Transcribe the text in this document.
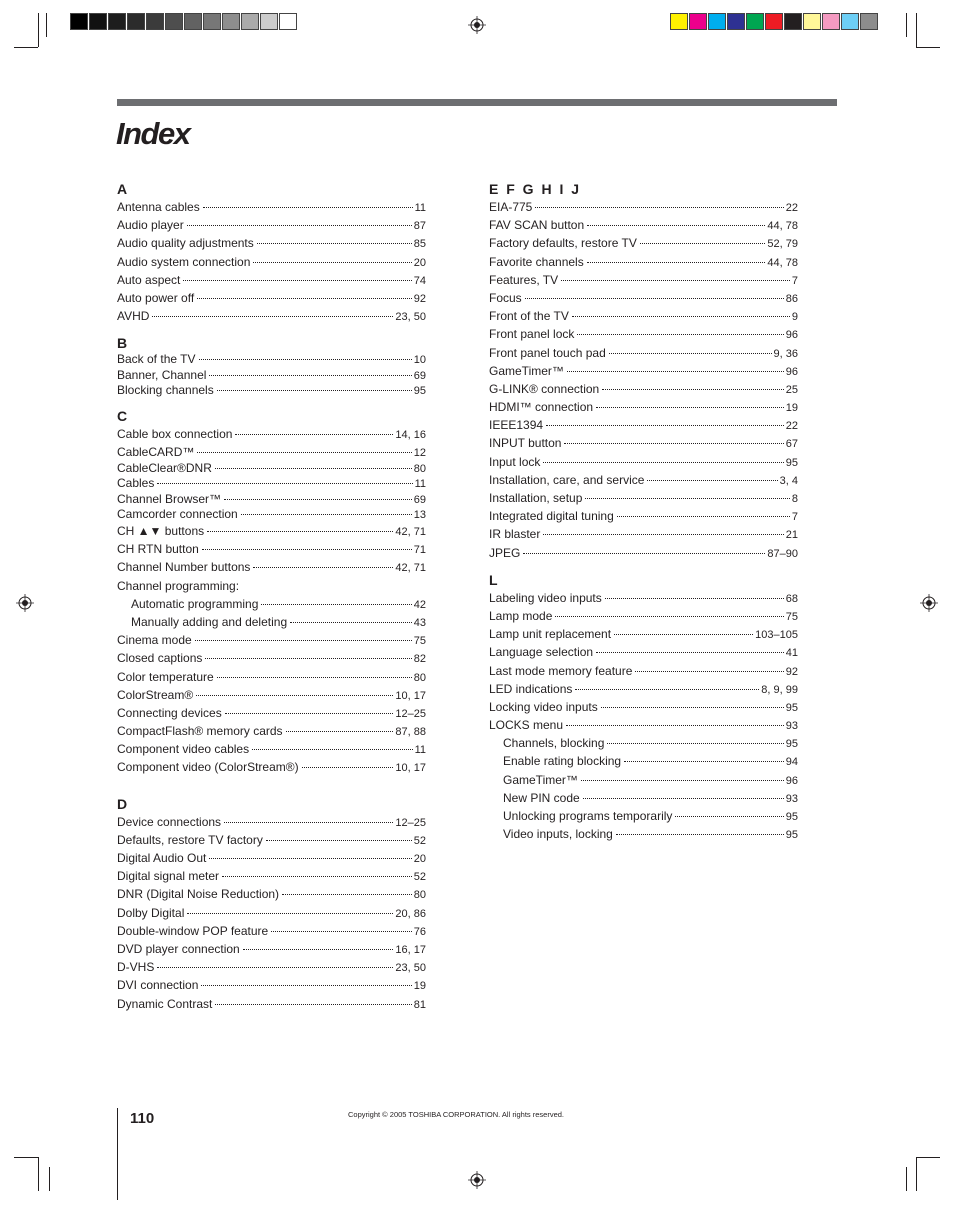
Index
A
Antenna cables	11
Audio player	87
Audio quality adjustments	85
Audio system connection	20
Auto aspect	74
Auto power off	92
AVHD	23, 50
B
Back of the TV	10
Banner, Channel	69
Blocking channels	95
C
Cable box connection	14, 16
CableCARD™	12
CableClear®DNR	80
Cables	11
Channel Browser™	69
Camcorder connection	13
CH ▲▼ buttons	42, 71
CH RTN button	71
Channel Number buttons	42, 71
Channel programming:
Automatic programming	42
Manually adding and deleting	43
Cinema mode	75
Closed captions	82
Color temperature	80
ColorStream®	10, 17
Connecting devices	12–25
CompactFlash® memory cards	87, 88
Component video cables	11
Component video (ColorStream®)	10, 17
D
Device connections	12–25
Defaults, restore TV factory	52
Digital Audio Out	20
Digital signal meter	52
DNR (Digital Noise Reduction)	80
Dolby Digital	20, 86
Double-window POP feature	76
DVD player connection	16, 17
D-VHS	23, 50
DVI connection	19
Dynamic Contrast	81
E F G H I J
EIA-775	22
FAV SCAN button	44, 78
Factory defaults, restore TV	52, 79
Favorite channels	44, 78
Features, TV	7
Focus	86
Front of the TV	9
Front panel lock	96
Front panel touch pad	9, 36
GameTimer™	96
G-LINK® connection	25
HDMI™ connection	19
IEEE1394	22
INPUT button	67
Input lock	95
Installation, care, and service	3, 4
Installation, setup	8
Integrated digital tuning	7
IR blaster	21
JPEG	87–90
L
Labeling video inputs	68
Lamp mode	75
Lamp unit replacement	103–105
Language selection	41
Last mode memory feature	92
LED indications	8, 9, 99
Locking video inputs	95
LOCKS menu	93
Channels, blocking	95
Enable rating blocking	94
GameTimer™	96
New PIN code	93
Unlocking programs temporarily	95
Video inputs, locking	95
110	Copyright © 2005 TOSHIBA CORPORATION. All rights reserved.
